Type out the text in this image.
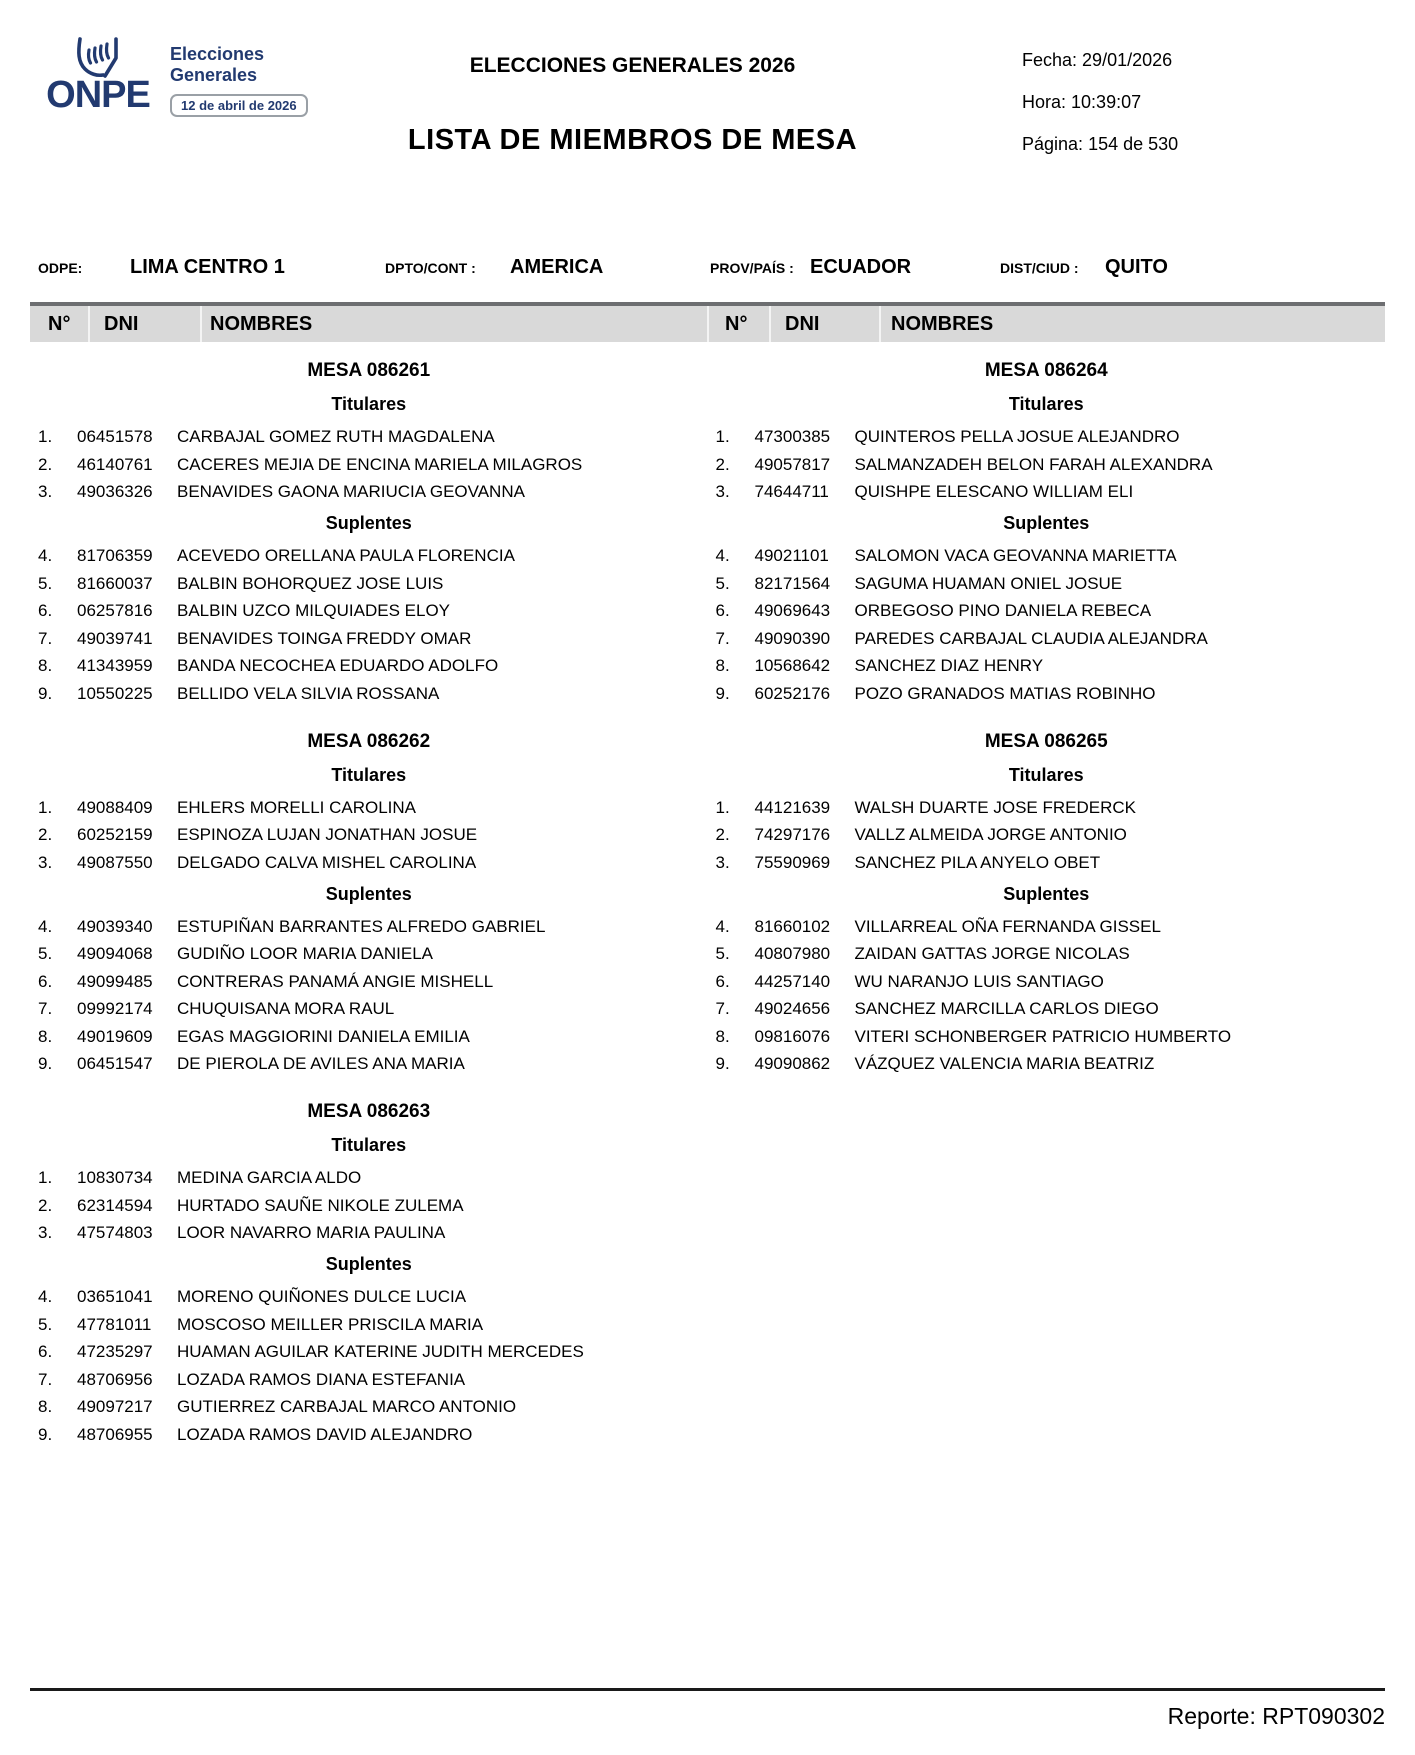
ONPE
Elecciones
Generales
12 de abril de 2026
ELECCIONES GENERALES 2026
LISTA DE MIEMBROS DE MESA
Fecha: 29/01/2026
Hora: 10:39:07
Página: 154 de 530
ODPE:	LIMA CENTRO 1	DPTO/CONT :	AMERICA	PROV/PAÍS : ECUADOR	DIST/CIUD :	QUITO
N°	DNI	NOMBRES	N°	DNI	NOMBRES
MESA 086261
Titulares
1.	06451578	CARBAJAL GOMEZ RUTH MAGDALENA
2.	46140761	CACERES MEJIA DE ENCINA MARIELA MILAGROS
3.	49036326	BENAVIDES GAONA MARIUCIA GEOVANNA
Suplentes
4.	81706359	ACEVEDO ORELLANA PAULA FLORENCIA
5.	81660037	BALBIN BOHORQUEZ JOSE LUIS
6.	06257816	BALBIN UZCO MILQUIADES ELOY
7.	49039741	BENAVIDES TOINGA FREDDY OMAR
8.	41343959	BANDA NECOCHEA EDUARDO ADOLFO
9.	10550225	BELLIDO VELA SILVIA ROSSANA
MESA 086262
Titulares
1.	49088409	EHLERS MORELLI CAROLINA
2.	60252159	ESPINOZA LUJAN JONATHAN JOSUE
3.	49087550	DELGADO CALVA MISHEL CAROLINA
Suplentes
4.	49039340	ESTUPIÑAN BARRANTES ALFREDO GABRIEL
5.	49094068	GUDIÑO LOOR MARIA DANIELA
6.	49099485	CONTRERAS PANAMÁ ANGIE MISHELL
7.	09992174	CHUQUISANA MORA RAUL
8.	49019609	EGAS MAGGIORINI DANIELA EMILIA
9.	06451547	DE PIEROLA DE AVILES ANA MARIA
MESA 086263
Titulares
1.	10830734	MEDINA GARCIA ALDO
2.	62314594	HURTADO SAUÑE NIKOLE ZULEMA
3.	47574803	LOOR NAVARRO MARIA PAULINA
Suplentes
4.	03651041	MORENO QUIÑONES DULCE LUCIA
5.	47781011	MOSCOSO MEILLER PRISCILA MARIA
6.	47235297	HUAMAN AGUILAR KATERINE JUDITH MERCEDES
7.	48706956	LOZADA RAMOS DIANA ESTEFANIA
8.	49097217	GUTIERREZ CARBAJAL MARCO ANTONIO
9.	48706955	LOZADA RAMOS DAVID ALEJANDRO
MESA 086264
Titulares
1.	47300385	QUINTEROS PELLA JOSUE ALEJANDRO
2.	49057817	SALMANZADEH BELON FARAH ALEXANDRA
3.	74644711	QUISHPE ELESCANO WILLIAM ELI
Suplentes
4.	49021101	SALOMON VACA GEOVANNA MARIETTA
5.	82171564	SAGUMA HUAMAN ONIEL JOSUE
6.	49069643	ORBEGOSO PINO DANIELA REBECA
7.	49090390	PAREDES CARBAJAL CLAUDIA ALEJANDRA
8.	10568642	SANCHEZ DIAZ HENRY
9.	60252176	POZO GRANADOS MATIAS ROBINHO
MESA 086265
Titulares
1.	44121639	WALSH DUARTE JOSE FREDERCK
2.	74297176	VALLZ ALMEIDA JORGE ANTONIO
3.	75590969	SANCHEZ PILA ANYELO OBET
Suplentes
4.	81660102	VILLARREAL OÑA FERNANDA GISSEL
5.	40807980	ZAIDAN GATTAS JORGE NICOLAS
6.	44257140	WU NARANJO LUIS SANTIAGO
7.	49024656	SANCHEZ MARCILLA CARLOS DIEGO
8.	09816076	VITERI SCHONBERGER PATRICIO HUMBERTO
9.	49090862	VÁZQUEZ VALENCIA MARIA BEATRIZ
Reporte: RPT090302
